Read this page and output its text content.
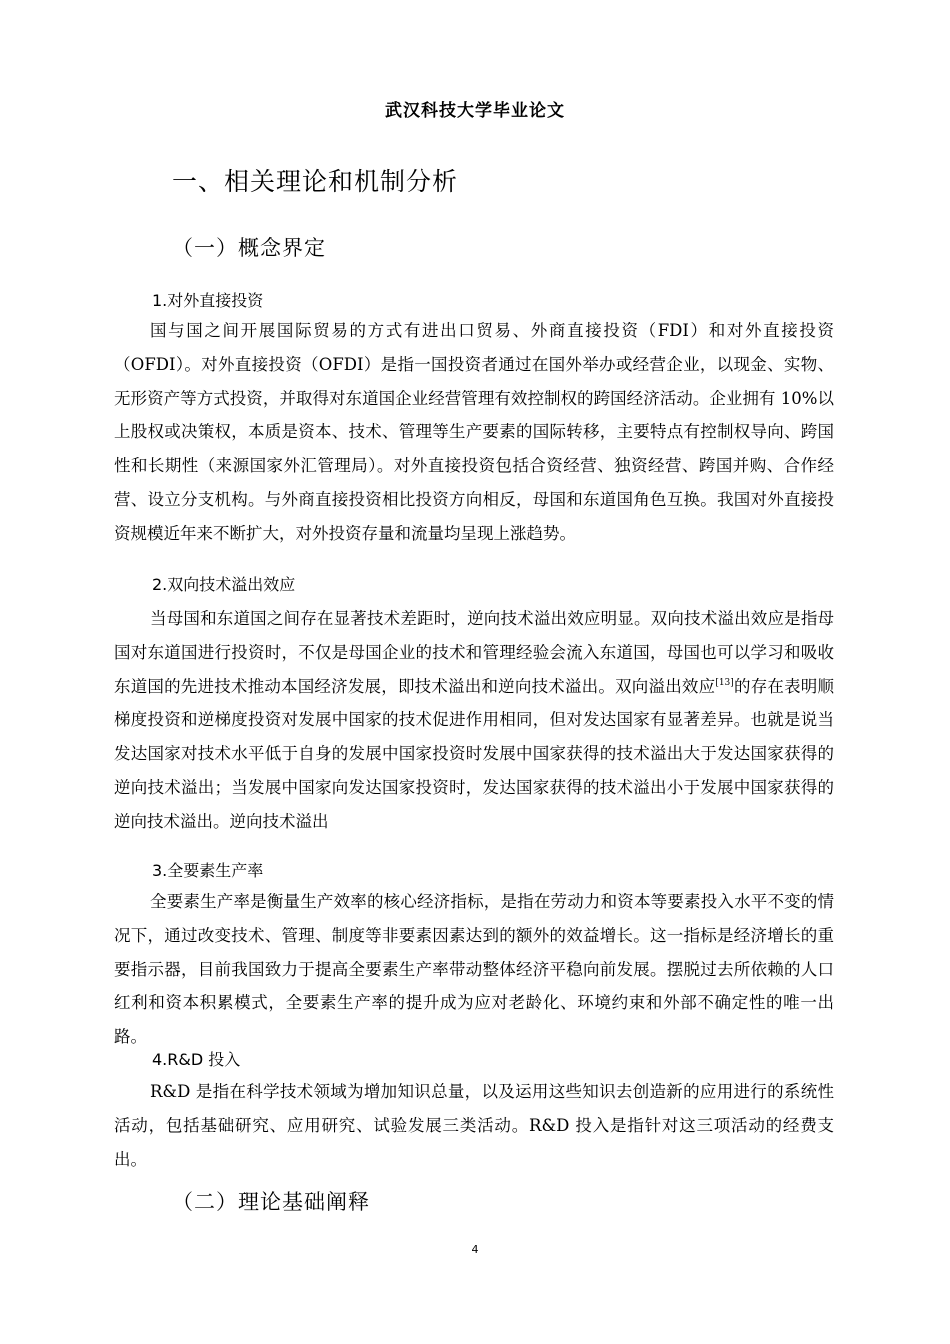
武汉科技大学毕业论文
一、相关理论和机制分析
（一）概念界定
1.对外直接投资

国与国之间开展国际贸易的方式有进出口贸易、外商直接投资（FDI）和对外直接投资（OFDI）。对外直接投资（OFDI）是指一国投资者通过在国外举办或经营企业，以现金、实物、无形资产等方式投资，并取得对东道国企业经营管理有效控制权的跨国经济活动。企业拥有 10%以上股权或决策权，本质是资本、技术、管理等生产要素的国际转移，主要特点有控制权导向、跨国性和长期性（来源国家外汇管理局）。对外直接投资包括合资经营、独资经营、跨国并购、合作经营、设立分支机构。与外商直接投资相比投资方向相反，母国和东道国角色互换。我国对外直接投资规模近年来不断扩大，对外投资存量和流量均呈现上涨趋势。

2.双向技术溢出效应

当母国和东道国之间存在显著技术差距时，逆向技术溢出效应明显。双向技术溢出效应是指母国对东道国进行投资时，不仅是母国企业的技术和管理经验会流入东道国，母国也可以学习和吸收东道国的先进技术推动本国经济发展，即技术溢出和逆向技术溢出。双向溢出效应[13]的存在表明顺梯度投资和逆梯度投资对发展中国家的技术促进作用相同，但对发达国家有显著差异。也就是说当发达国家对技术水平低于自身的发展中国家投资时发展中国家获得的技术溢出大于发达国家获得的逆向技术溢出；当发展中国家向发达国家投资时，发达国家获得的技术溢出小于发展中国家获得的逆向技术溢出。逆向技术溢出

3.全要素生产率

全要素生产率是衡量生产效率的核心经济指标，是指在劳动力和资本等要素投入水平不变的情况下，通过改变技术、管理、制度等非要素因素达到的额外的效益增长。这一指标是经济增长的重要指示器，目前我国致力于提高全要素生产率带动整体经济平稳向前发展。摆脱过去所依赖的人口红利和资本积累模式，全要素生产率的提升成为应对老龄化、环境约束和外部不确定性的唯一出路。

4.R&D 投入

R&D 是指在科学技术领域为增加知识总量，以及运用这些知识去创造新的应用进行的系统性活动，包括基础研究、应用研究、试验发展三类活动。R&D 投入是指针对这三项活动的经费支出。

（二）理论基础阐释
4
